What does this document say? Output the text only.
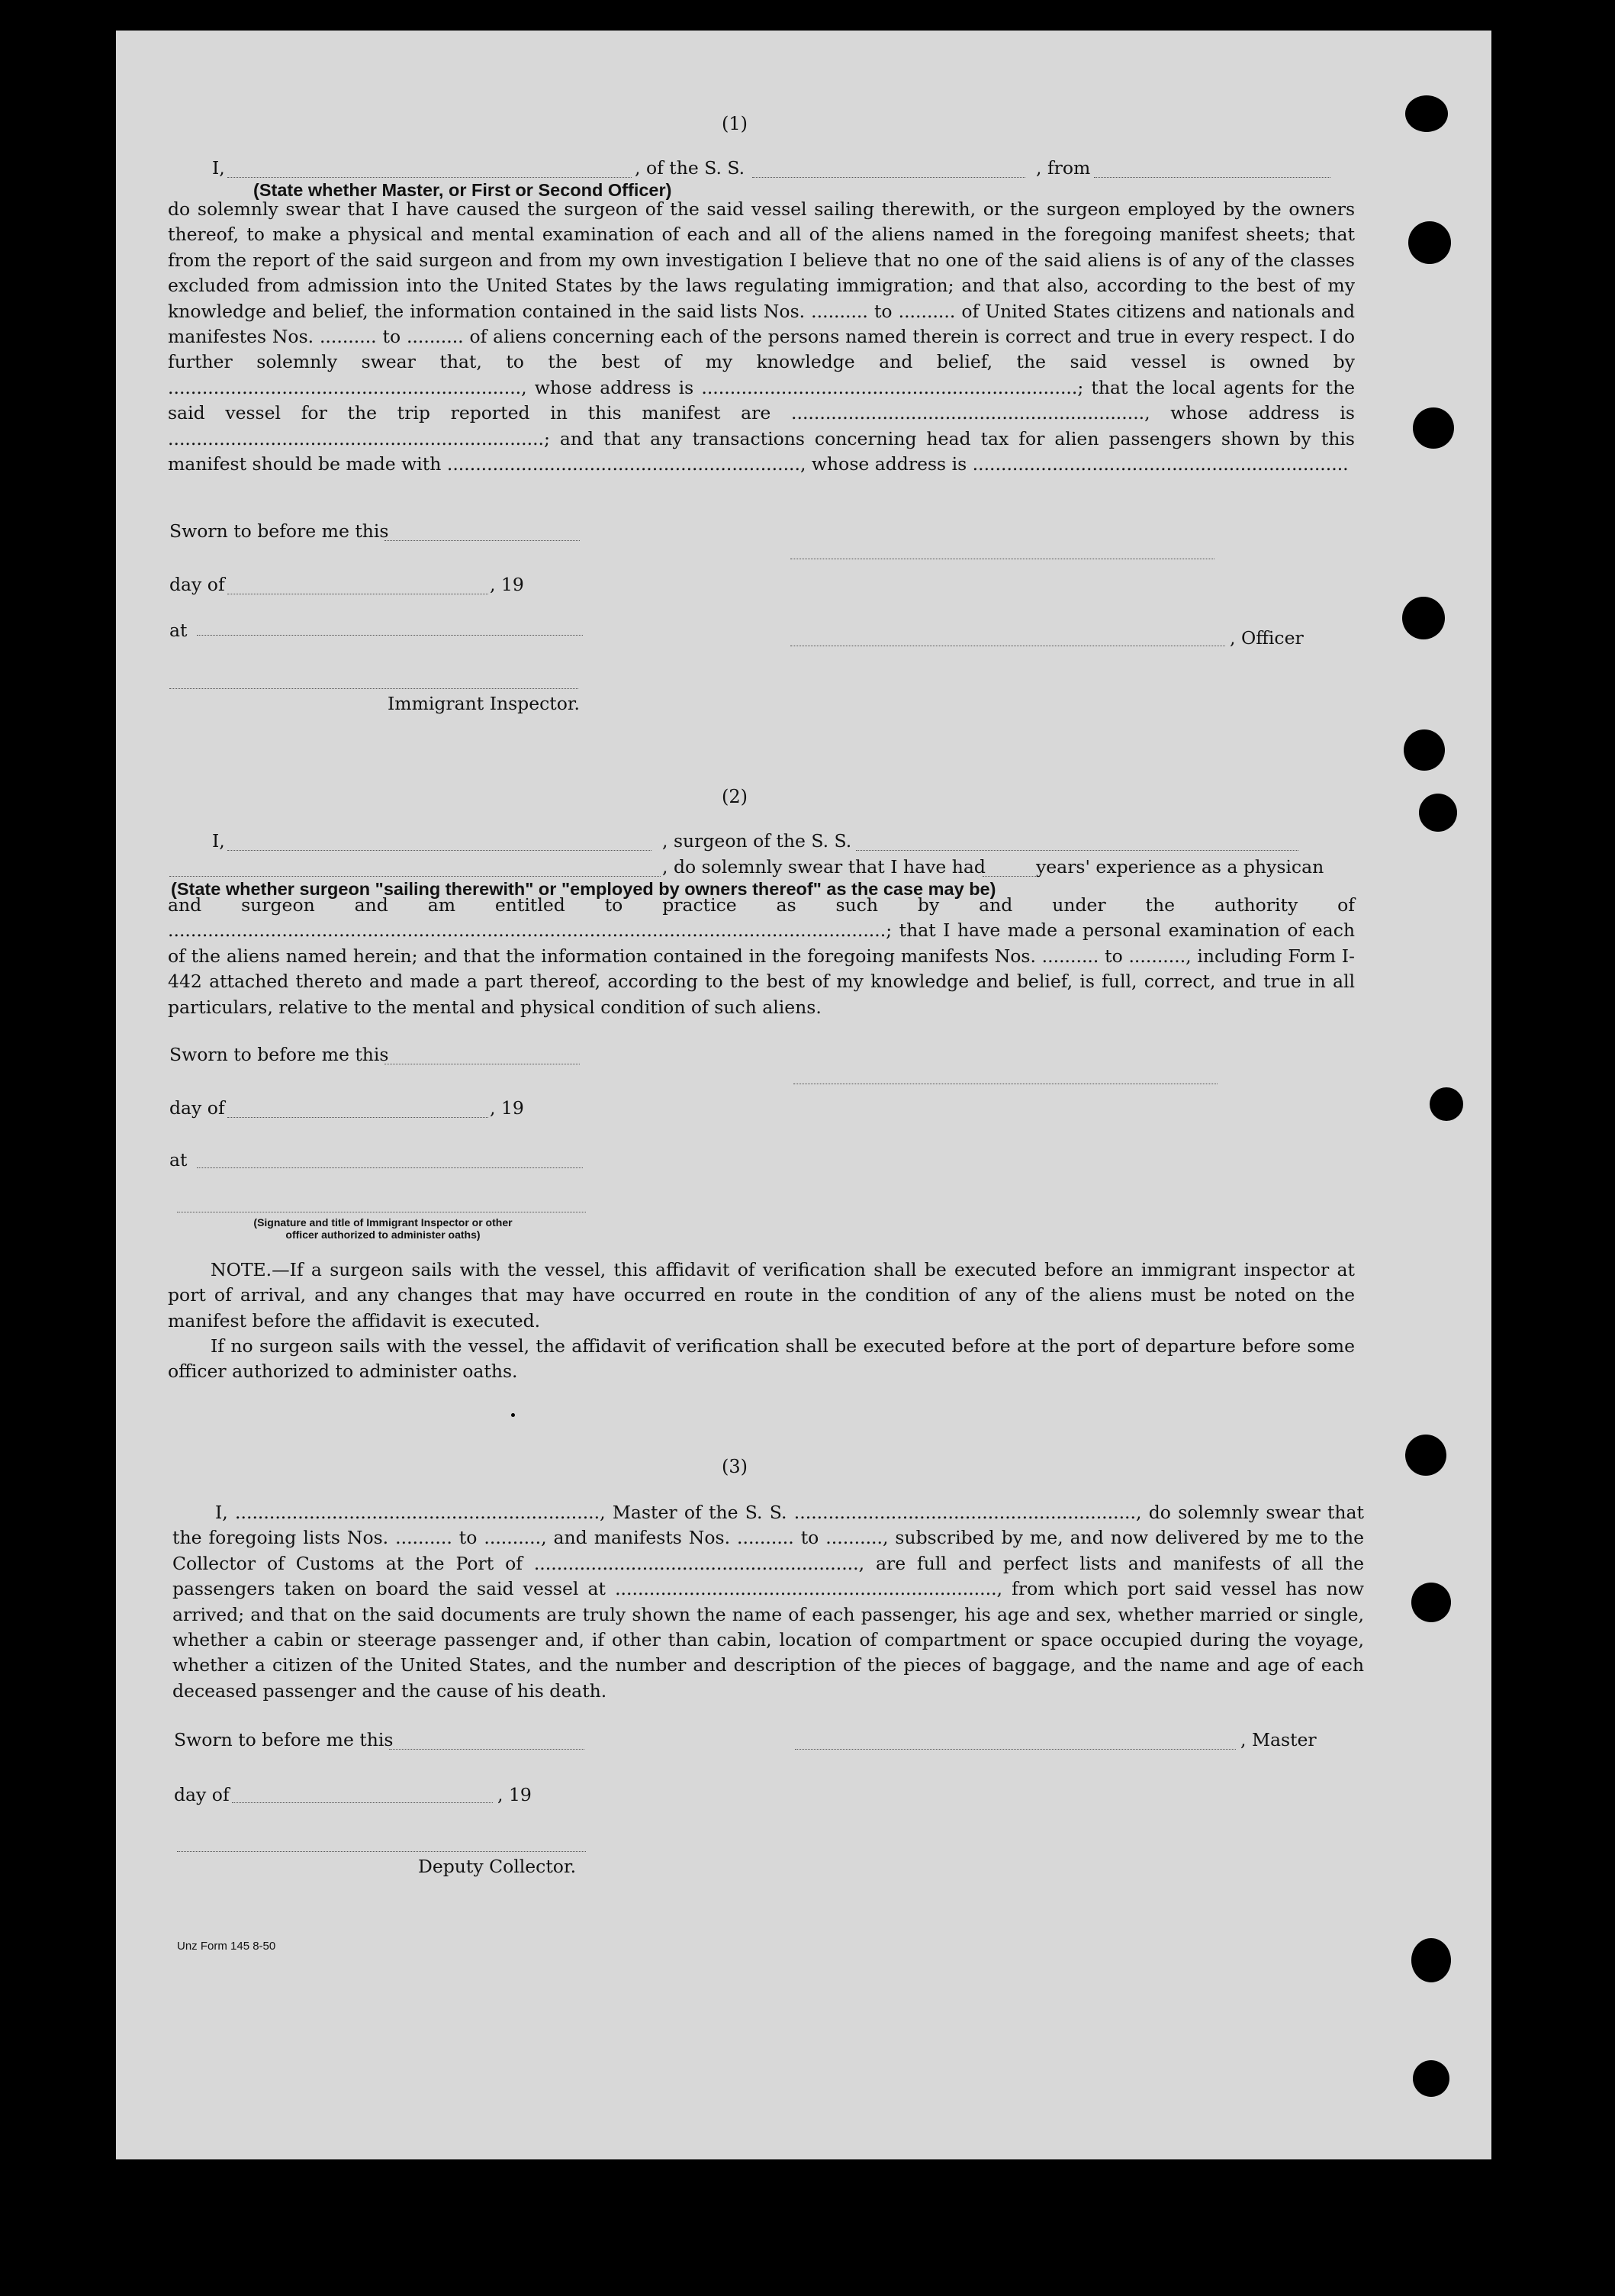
(1)
I,	, of the S. S.	, from
(State whether Master, or First or Second Officer)
do solemnly swear that I have caused the surgeon of the said vessel sailing therewith, or the surgeon employed by the owners thereof, to make a physical and mental examination of each and all of the aliens named in the foregoing manifest sheets; that from the report of the said surgeon and from my own investigation I believe that no one of the said aliens is of any of the classes excluded from admission into the United States by the laws regulating immigration; and that also, according to the best of my knowledge and belief, the information contained in the said lists Nos. .......... to .......... of United States citizens and nationals and manifestes Nos. .......... to .......... of aliens concerning each of the persons named therein is correct and true in every respect. I do further solemnly swear that, to the best of my knowledge and belief, the said vessel is owned by .............................................................., whose address is ..................................................................; that the local agents for the said vessel for the trip reported in this manifest are .............................................................., whose address is ..................................................................; and that any transactions concerning head tax for alien passengers shown by this manifest should be made with .............................................................., whose address is ..................................................................
Sworn to before me this
day of	, 19
at	, Officer
Immigrant Inspector.
(2)
I,	, surgeon of the S. S.
, do solemnly swear that I have had	years' experience as a physican
(State whether surgeon "sailing therewith" or "employed by owners thereof" as the case may be)
and surgeon and am entitled to practice as such by and under the authority of ..............................................................................................................................; that I have made a personal examination of each of the aliens named herein; and that the information contained in the foregoing manifests Nos. .......... to .........., including Form I-442 attached thereto and made a part thereof, according to the best of my knowledge and belief, is full, correct, and true in all particulars, relative to the mental and physical condition of such aliens.
Sworn to before me this
day of	, 19
at
(Signature and title of Immigrant Inspector or other
officer authorized to administer oaths)
NOTE.—If a surgeon sails with the vessel, this affidavit of verification shall be executed before an immigrant inspector at port of arrival, and any changes that may have occurred en route in the condition of any of the aliens must be noted on the manifest before the affidavit is executed.
If no surgeon sails with the vessel, the affidavit of verification shall be executed before at the port of departure before some officer authorized to administer oaths.
(3)
I, ................................................................, Master of the S. S. ............................................................, do solemnly swear that the foregoing lists Nos. .......... to .........., and manifests Nos. .......... to .........., subscribed by me, and now delivered by me to the Collector of Customs at the Port of ........................................................., are full and perfect lists and manifests of all the passengers taken on board the said vessel at ..................................................................., from which port said vessel has now arrived; and that on the said documents are truly shown the name of each passenger, his age and sex, whether married or single, whether a cabin or steerage passenger and, if other than cabin, location of compartment or space occupied during the voyage, whether a citizen of the United States, and the number and description of the pieces of baggage, and the name and age of each deceased passenger and the cause of his death.
Sworn to before me this	, Master
day of	, 19
Deputy Collector.
Unz Form 145 8-50
